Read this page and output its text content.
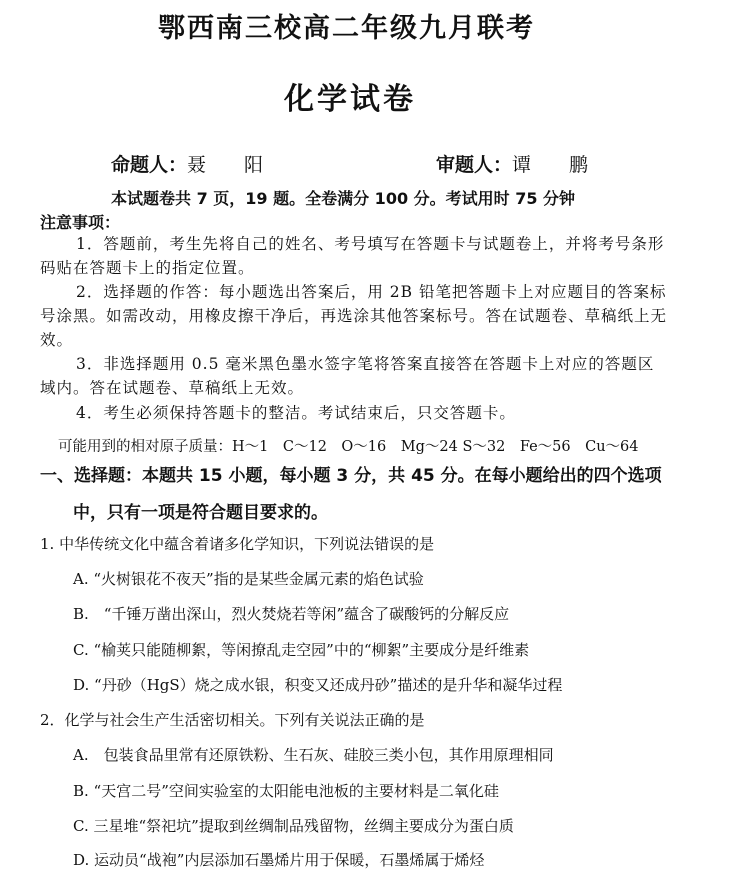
鄂西南三校高二年级九月联考
化学试卷
命题人：聂　　阳	审题人：谭　　鹏
本试题卷共 7 页，19 题。全卷满分 100 分。考试用时 75 分钟
注意事项：
1．答题前，考生先将自己的姓名、考号填写在答题卡与试题卷上，并将考号条形码贴在答题卡上的指定位置。
2．选择题的作答：每小题选出答案后，用 2B 铅笔把答题卡上对应题目的答案标号涂黑。如需改动，用橡皮擦干净后，再选涂其他答案标号。答在试题卷、草稿纸上无效。
3．非选择题用 0.5 毫米黑色墨水签字笔将答案直接答在答题卡上对应的答题区域内。答在试题卷、草稿纸上无效。
4．考生必须保持答题卡的整洁。考试结束后，只交答题卡。
可能用到的相对原子质量：H～1　C～12　O～16　Mg～24 S～32　Fe～56　Cu～64
一、选择题：本题共 15 小题，每小题 3 分，共 45 分。在每小题给出的四个选项
中，只有一项是符合题目要求的。
1. 中华传统文化中蕴含着诸多化学知识，下列说法错误的是
A. “火树银花不夜天”指的是某些金属元素的焰色试验
B.　“千锤万凿出深山，烈火焚烧若等闲”蕴含了碳酸钙的分解反应
C. “榆荚只能随柳絮，等闲撩乱走空园”中的“柳絮”主要成分是纤维素
D. “丹砂（HgS）烧之成水银，积变又还成丹砂”描述的是升华和凝华过程
2．化学与社会生产生活密切相关。下列有关说法正确的是
A.　包装食品里常有还原铁粉、生石灰、硅胶三类小包，其作用原理相同
B. “天宫二号”空间实验室的太阳能电池板的主要材料是二氧化硅
C. 三星堆“祭祀坑”提取到丝绸制品残留物，丝绸主要成分为蛋白质
D. 运动员“战袍”内层添加石墨烯片用于保暖，石墨烯属于烯烃
